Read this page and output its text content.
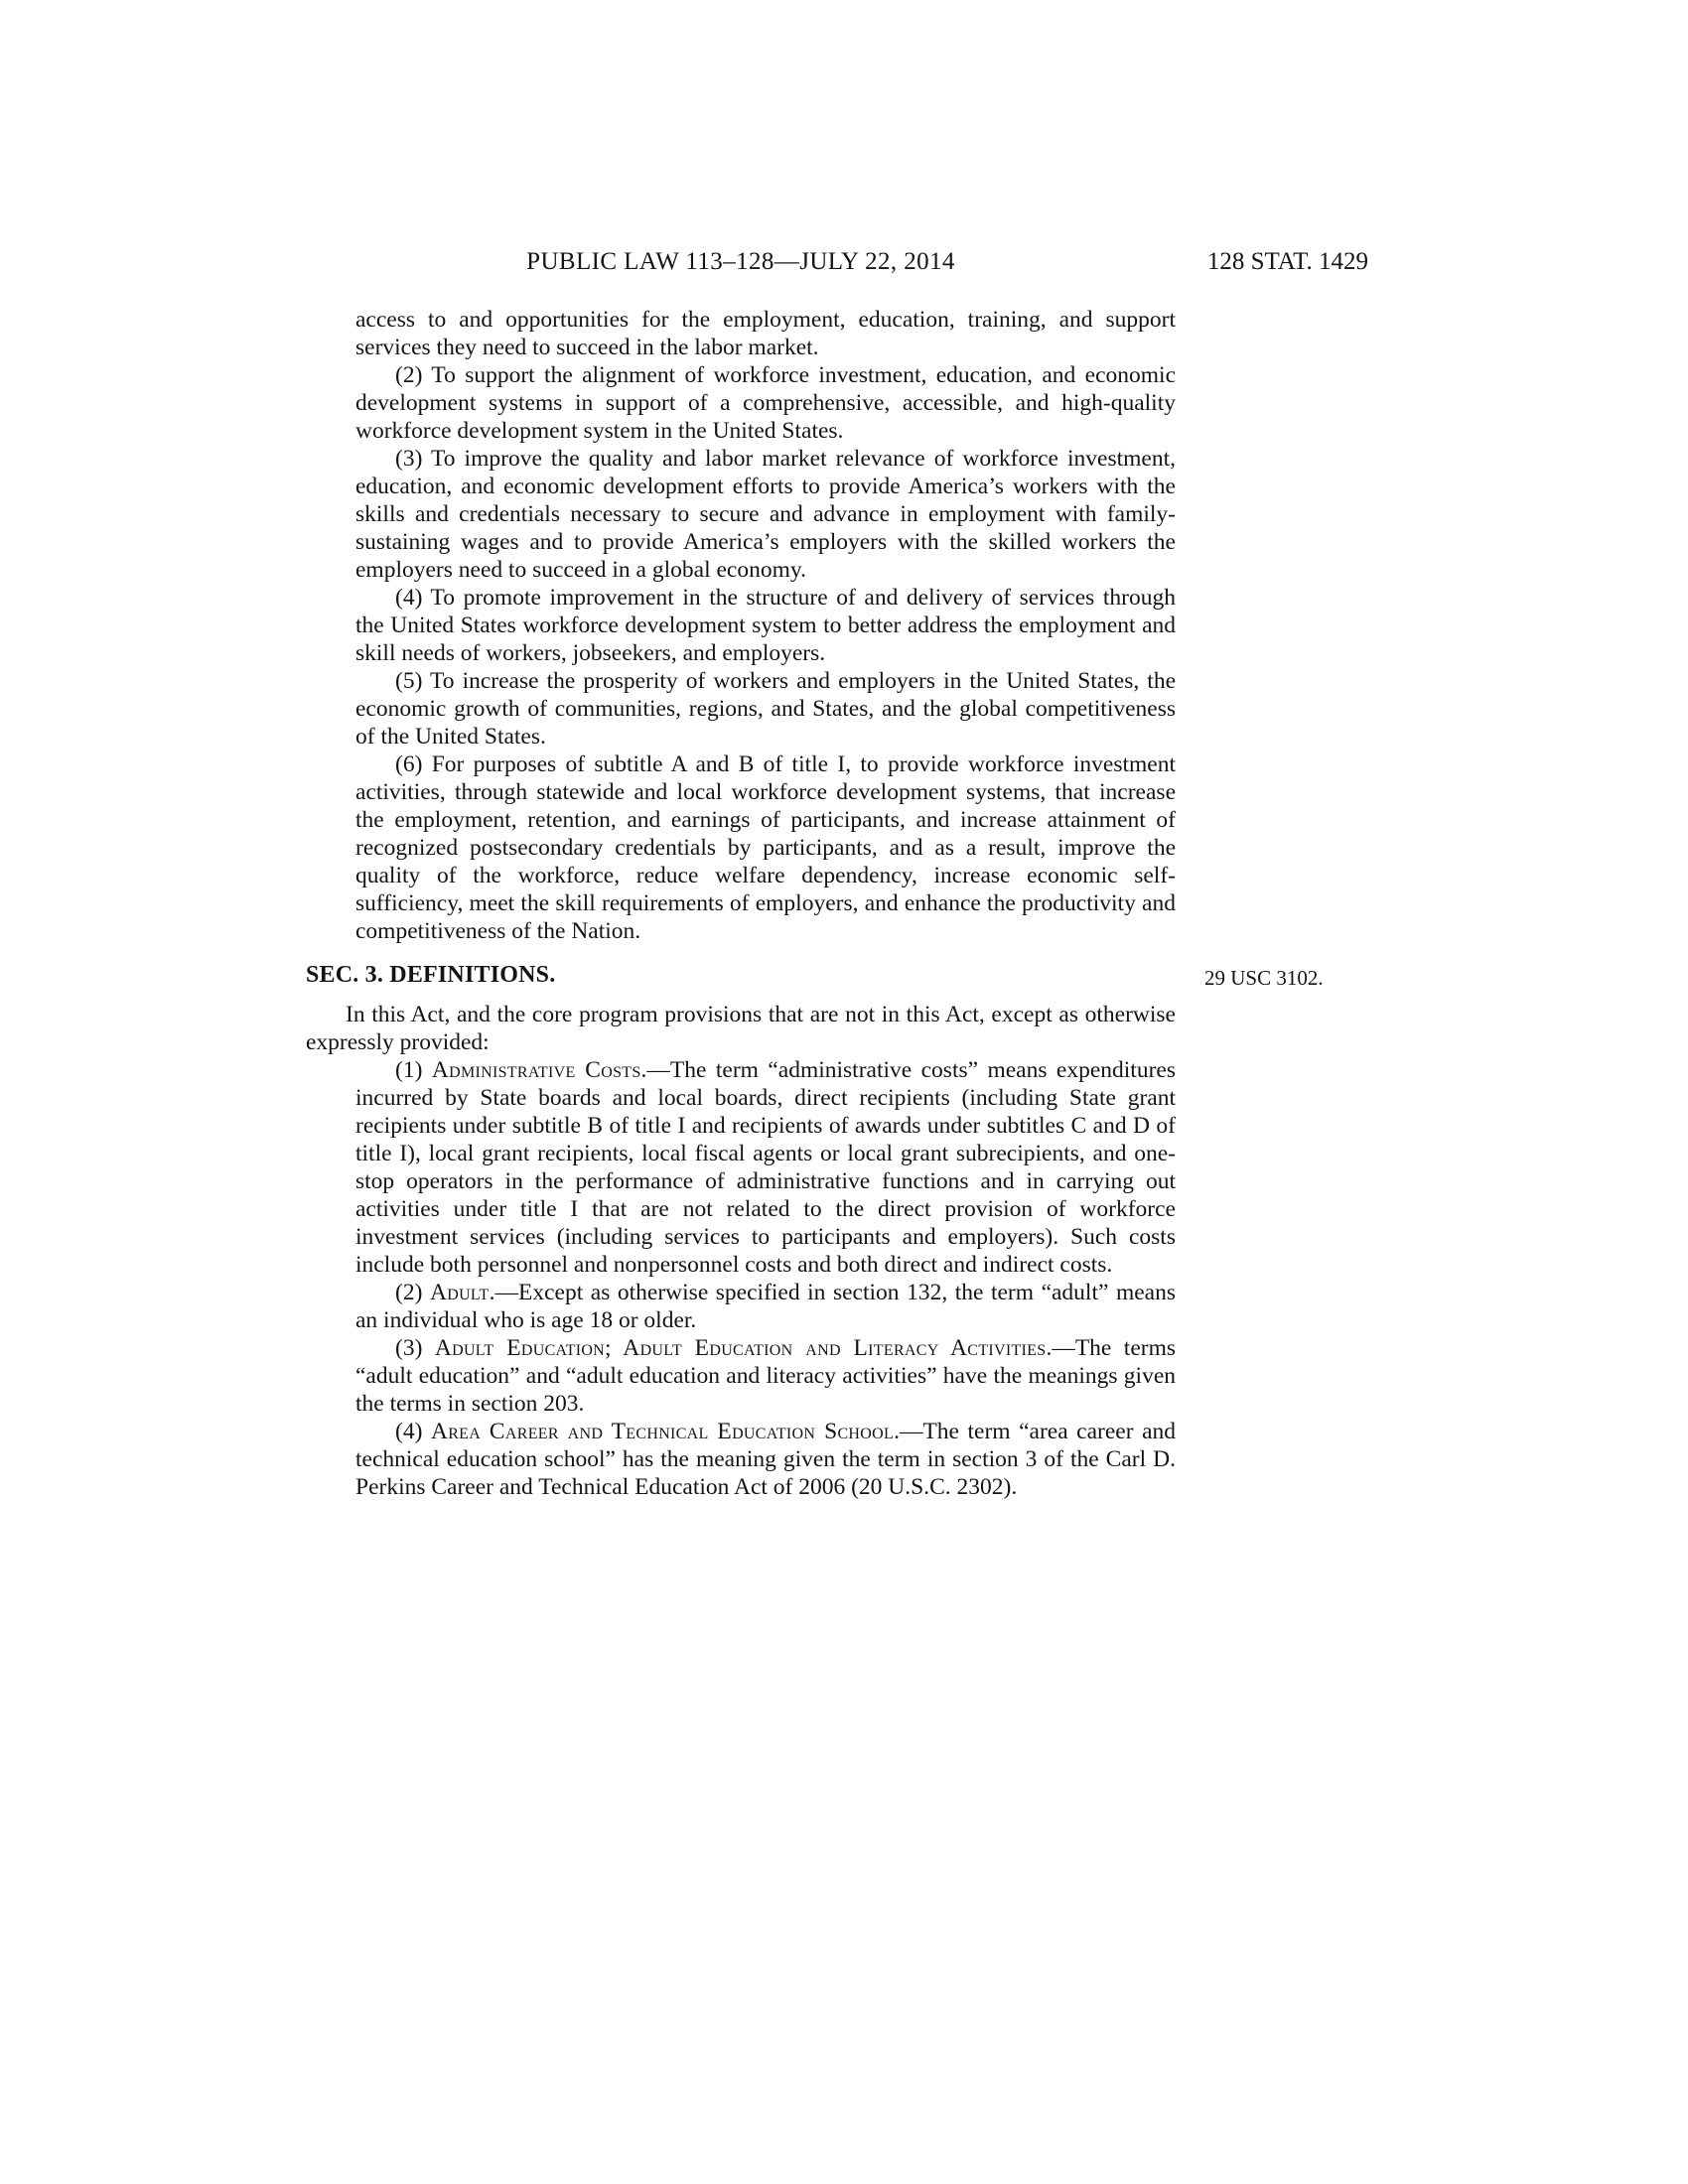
PUBLIC LAW 113–128—JULY 22, 2014	128 STAT. 1429

access to and opportunities for the employment, education, training, and support services they need to succeed in the labor market.

(2) To support the alignment of workforce investment, education, and economic development systems in support of a comprehensive, accessible, and high-quality workforce development system in the United States.

(3) To improve the quality and labor market relevance of workforce investment, education, and economic development efforts to provide America’s workers with the skills and credentials necessary to secure and advance in employment with family-sustaining wages and to provide America’s employers with the skilled workers the employers need to succeed in a global economy.

(4) To promote improvement in the structure of and delivery of services through the United States workforce development system to better address the employment and skill needs of workers, jobseekers, and employers.

(5) To increase the prosperity of workers and employers in the United States, the economic growth of communities, regions, and States, and the global competitiveness of the United States.

(6) For purposes of subtitle A and B of title I, to provide workforce investment activities, through statewide and local workforce development systems, that increase the employment, retention, and earnings of participants, and increase attainment of recognized postsecondary credentials by participants, and as a result, improve the quality of the workforce, reduce welfare dependency, increase economic self-sufficiency, meet the skill requirements of employers, and enhance the productivity and competitiveness of the Nation.

SEC. 3. DEFINITIONS.	29 USC 3102.

In this Act, and the core program provisions that are not in this Act, except as otherwise expressly provided:

(1) Administrative Costs.—The term “administrative costs” means expenditures incurred by State boards and local boards, direct recipients (including State grant recipients under subtitle B of title I and recipients of awards under subtitles C and D of title I), local grant recipients, local fiscal agents or local grant subrecipients, and one-stop operators in the performance of administrative functions and in carrying out activities under title I that are not related to the direct provision of workforce investment services (including services to participants and employers). Such costs include both personnel and nonpersonnel costs and both direct and indirect costs.

(2) Adult.—Except as otherwise specified in section 132, the term “adult” means an individual who is age 18 or older.

(3) Adult Education; Adult Education and Literacy Activities.—The terms “adult education” and “adult education and literacy activities” have the meanings given the terms in section 203.

(4) Area Career and Technical Education School.—The term “area career and technical education school” has the meaning given the term in section 3 of the Carl D. Perkins Career and Technical Education Act of 2006 (20 U.S.C. 2302).
